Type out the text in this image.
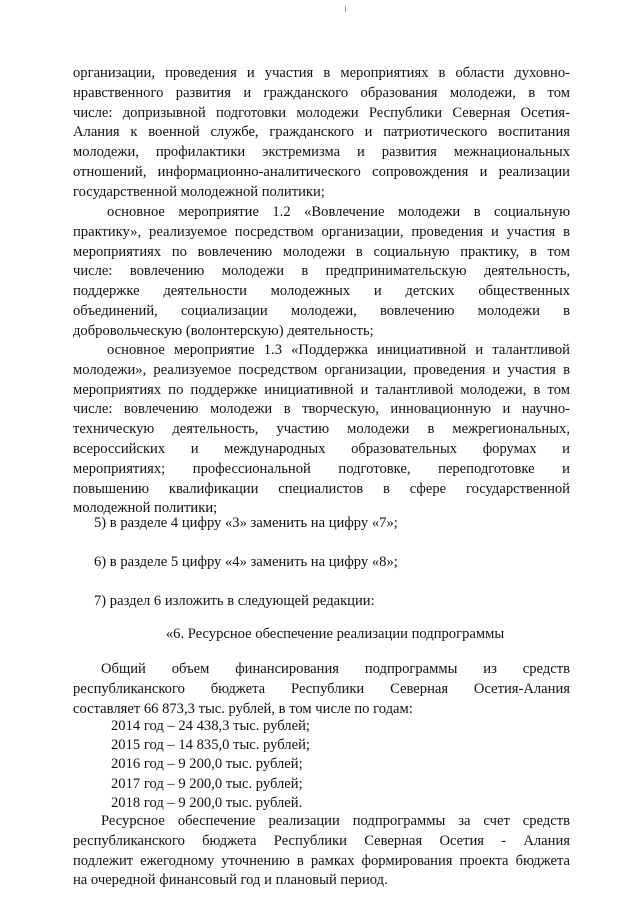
организации, проведения и участия в мероприятиях в области духовно-
нравственного развития и гражданского образования молодежи, в том
числе: допризывной подготовки молодежи Республики Северная Осетия-
Алания к военной службе, гражданского и патриотического воспитания
молодежи, профилактики экстремизма и развития межнациональных
отношений, информационно-аналитического сопровождения и реализации
государственной молодежной политики;
основное мероприятие 1.2 «Вовлечение молодежи в социальную
практику», реализуемое посредством организации, проведения и участия в
мероприятиях по вовлечению молодежи в социальную практику, в том
числе: вовлечению молодежи в предпринимательскую деятельность,
поддержке деятельности молодежных и детских общественных
объединений, социализации молодежи, вовлечению молодежи в
добровольческую (волонтерскую) деятельность;
основное мероприятие 1.3 «Поддержка инициативной и талантливой
молодежи», реализуемое посредством организации, проведения и участия в
мероприятиях по поддержке инициативной и талантливой молодежи, в том
числе: вовлечению молодежи в творческую, инновационную и научно-
техническую деятельность, участию молодежи в межрегиональных,
всероссийских и международных образовательных форумах и
мероприятиях; профессиональной подготовке, переподготовке и
повышению квалификации специалистов в сфере государственной
молодежной политики;
5) в разделе 4 цифру «3» заменить на цифру «7»;
6) в разделе 5 цифру «4» заменить на цифру «8»;
7) раздел 6 изложить в следующей редакции:
«6. Ресурсное обеспечение реализации подпрограммы
Общий объем финансирования подпрограммы из средств
республиканского бюджета Республики Северная Осетия-Алания
составляет 66 873,3 тыс. рублей, в том числе по годам:
2014 год – 24 438,3 тыс. рублей;
2015 год – 14 835,0 тыс. рублей;
2016 год – 9 200,0 тыс. рублей;
2017 год – 9 200,0 тыс. рублей;
2018 год – 9 200,0 тыс. рублей.
Ресурсное обеспечение реализации подпрограммы за счет средств
республиканского бюджета Республики Северная Осетия - Алания
подлежит ежегодному уточнению в рамках формирования проекта бюджета
на очередной финансовый год и плановый период.
